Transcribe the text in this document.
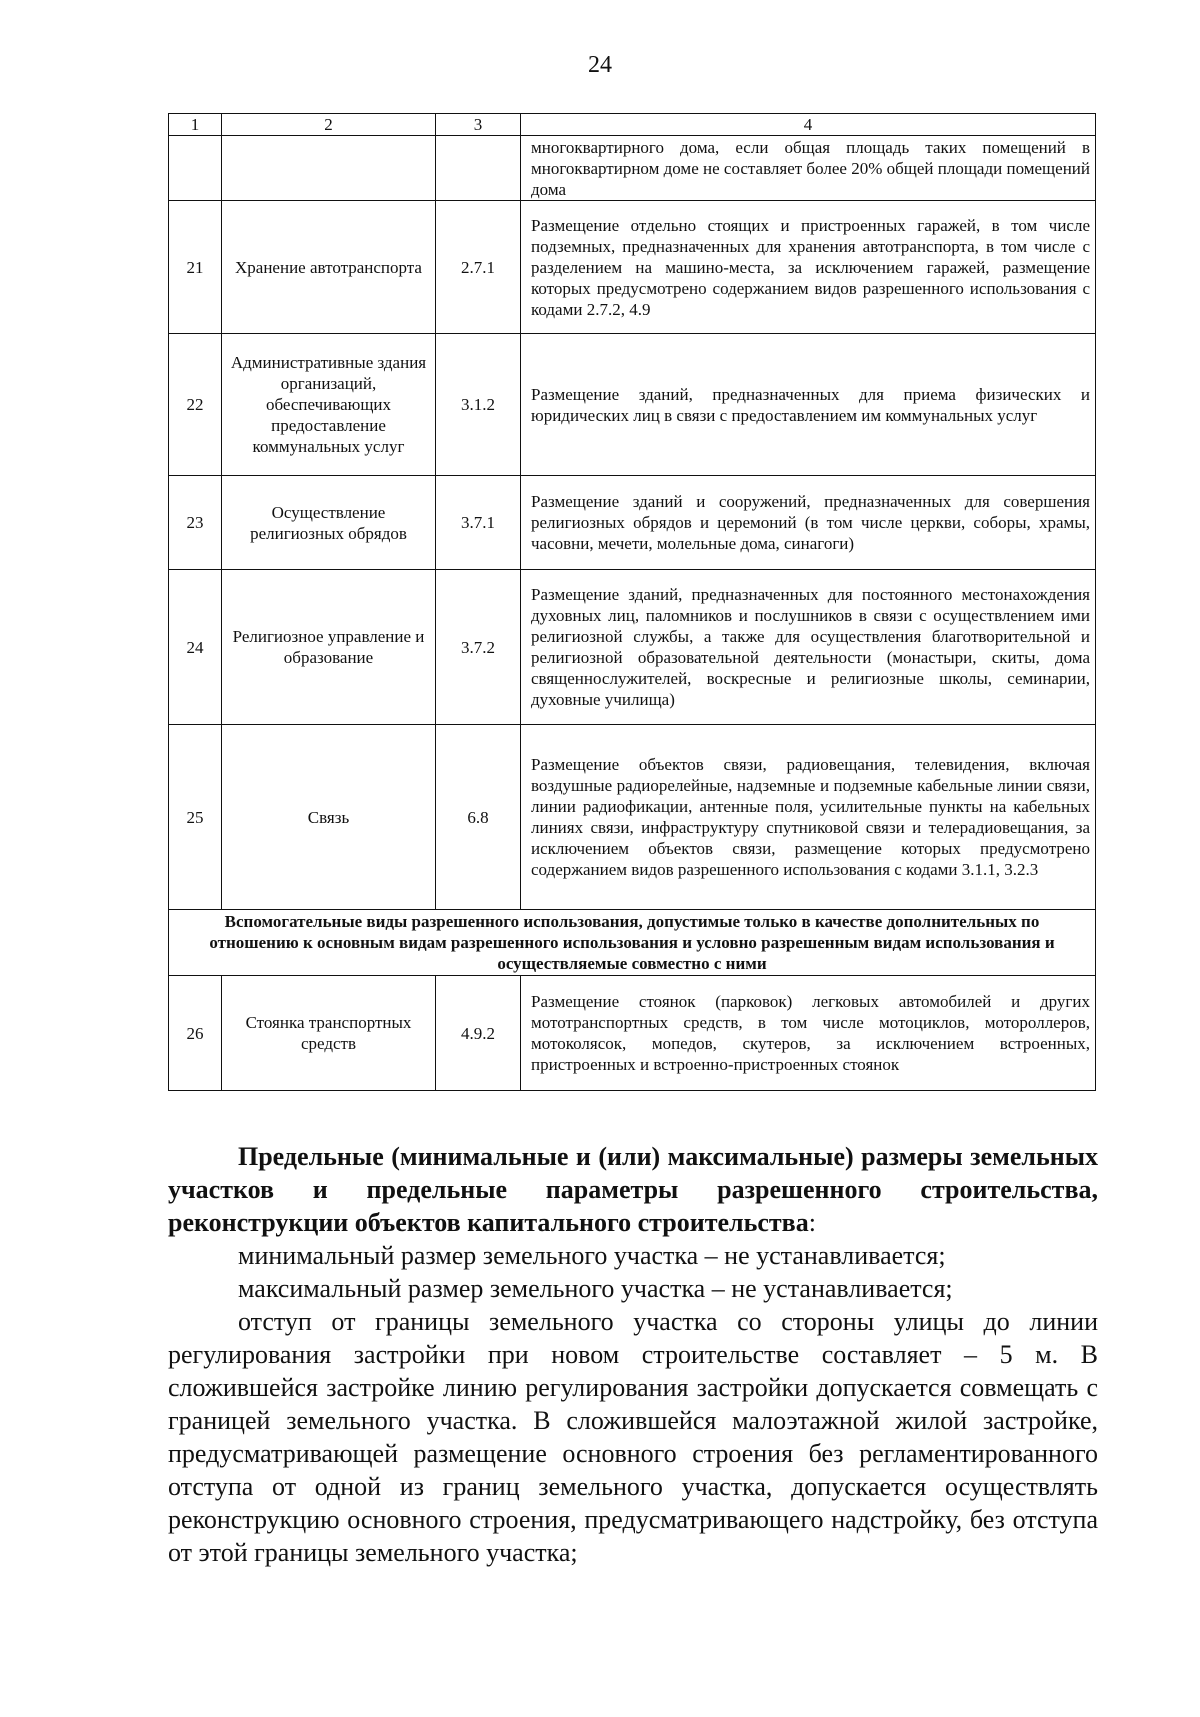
24
1	2	3	4
			многоквартирного дома, если общая площадь таких помещений в многоквартирном доме не составляет более 20% общей площади помещений дома
21	Хранение автотранспорта	2.7.1	Размещение отдельно стоящих и пристроенных гаражей, в том числе подземных, предназначенных для хранения автотранспорта, в том числе с разделением на машино-места, за исключением гаражей, размещение которых предусмотрено содержанием видов разрешенного использования с кодами 2.7.2, 4.9
22	Административные здания организаций, обеспечивающих предоставление коммунальных услуг	3.1.2	Размещение зданий, предназначенных для приема физических и юридических лиц в связи с предоставлением им коммунальных услуг
23	Осуществление религиозных обрядов	3.7.1	Размещение зданий и сооружений, предназначенных для совершения религиозных обрядов и церемоний (в том числе церкви, соборы, храмы, часовни, мечети, молельные дома, синагоги)
24	Религиозное управление и образование	3.7.2	Размещение зданий, предназначенных для постоянного местонахождения духовных лиц, паломников и послушников в связи с осуществлением ими религиозной службы, а также для осуществления благотворительной и религиозной образовательной деятельности (монастыри, скиты, дома священнослужителей, воскресные и религиозные школы, семинарии, духовные училища)
25	Связь	6.8	Размещение объектов связи, радиовещания, телевидения, включая воздушные радиорелейные, надземные и подземные кабельные линии связи, линии радиофикации, антенные поля, усилительные пункты на кабельных линиях связи, инфраструктуру спутниковой связи и телерадиовещания, за исключением объектов связи, размещение которых предусмотрено содержанием видов разрешенного использования с кодами 3.1.1, 3.2.3
Вспомогательные виды разрешенного использования, допустимые только в качестве дополнительных по отношению к основным видам разрешенного использования и условно разрешенным видам использования и осуществляемые совместно с ними			
26	Стоянка транспортных средств	4.9.2	Размещение стоянок (парковок) легковых автомобилей и других мототранспортных средств, в том числе мотоциклов, мотороллеров, мотоколясок, мопедов, скутеров, за исключением встроенных, пристроенных и встроенно-пристроенных стоянок

Предельные (минимальные и (или) максимальные) размеры земельных участков и предельные параметры разрешенного строительства, реконструкции объектов капитального строительства:

минимальный размер земельного участка – не устанавливается;

максимальный размер земельного участка – не устанавливается;

отступ от границы земельного участка со стороны улицы до линии регулирования застройки при новом строительстве составляет – 5 м. В сложившейся застройке линию регулирования застройки допускается совмещать с границей земельного участка. В сложившейся малоэтажной жилой застройке, предусматривающей размещение основного строения без регламентированного отступа от одной из границ земельного участка, допускается осуществлять реконструкцию основного строения, предусматривающего надстройку, без отступа от этой границы земельного участка;
